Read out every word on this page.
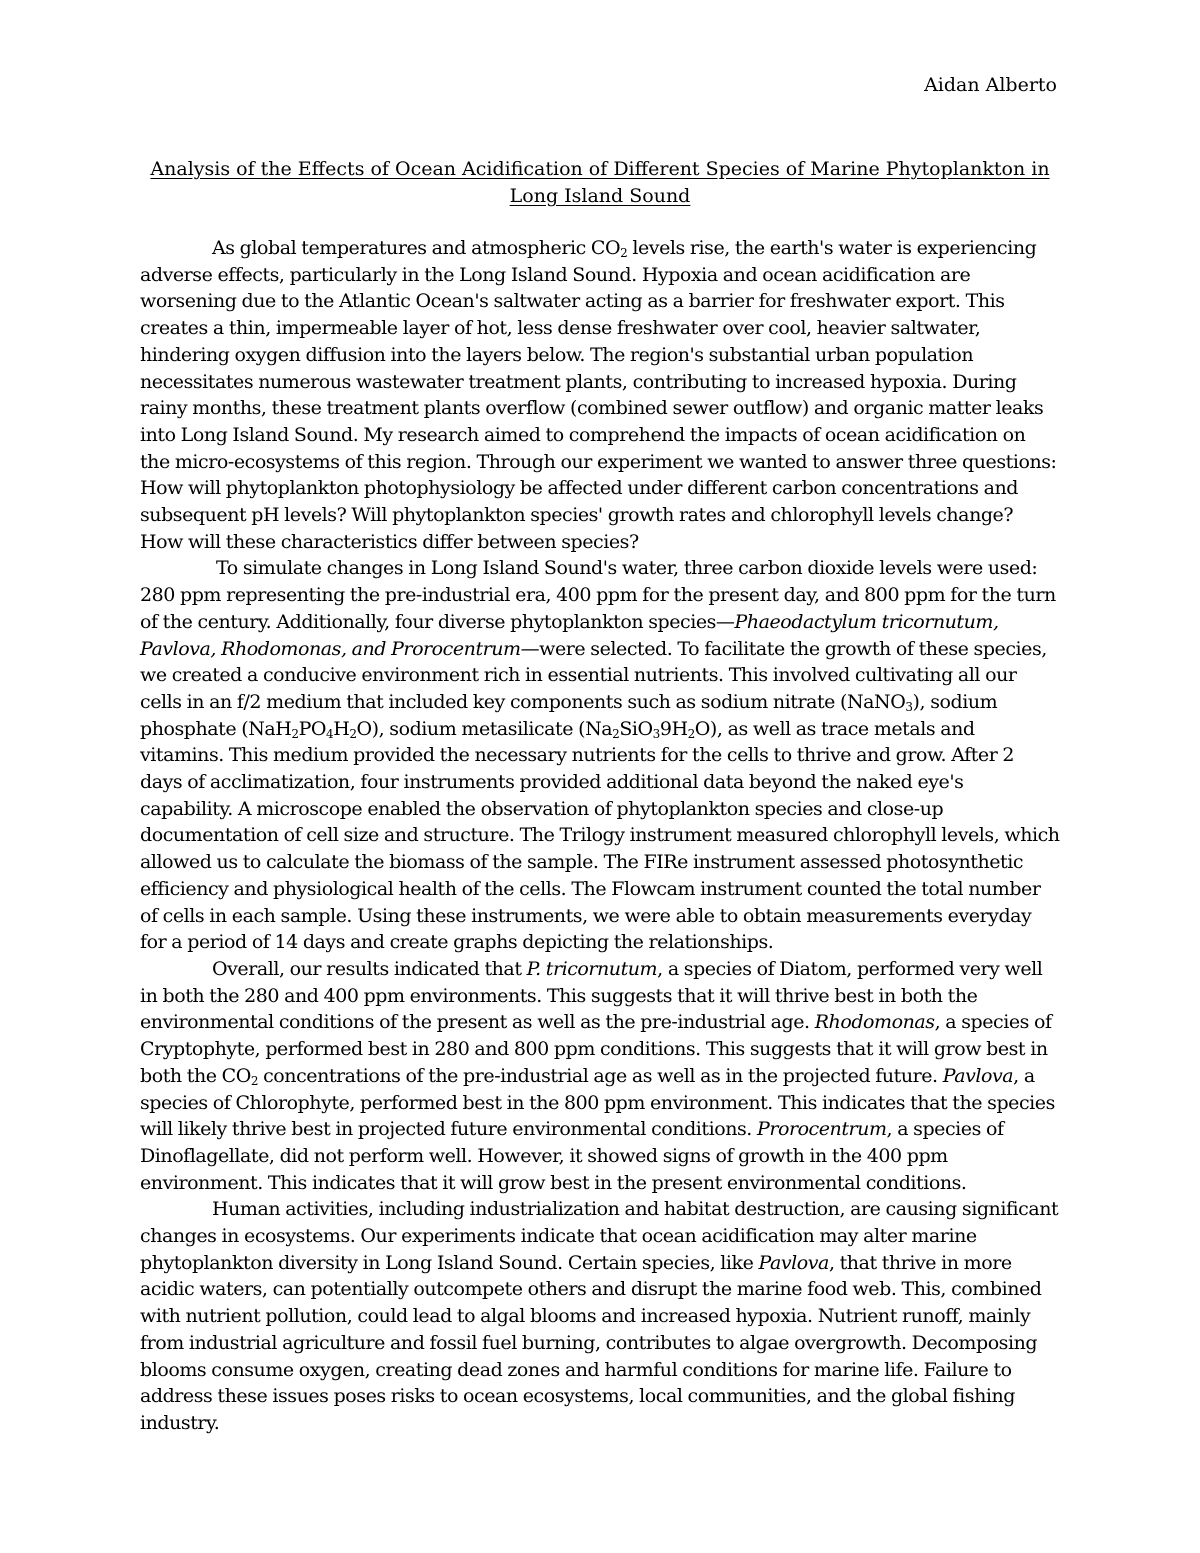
Aidan Alberto
Analysis of the Effects of Ocean Acidification of Different Species of Marine Phytoplankton in Long Island Sound

As global temperatures and atmospheric $CO_2$ levels rise, the earth's water is experiencing adverse effects, particularly in the Long Island Sound. Hypoxia and ocean acidification are worsening due to the Atlantic Ocean's saltwater acting as a barrier for freshwater export. This creates a thin, impermeable layer of hot, less dense freshwater over cool, heavier saltwater, hindering oxygen diffusion into the layers below. The region's substantial urban population necessitates numerous wastewater treatment plants, contributing to increased hypoxia. During rainy months, these treatment plants overflow (combined sewer outflow) and organic matter leaks into Long Island Sound. My research aimed to comprehend the impacts of ocean acidification on the micro-ecosystems of this region. Through our experiment we wanted to answer three questions: How will phytoplankton photophysiology be affected under different carbon concentrations and subsequent pH levels? Will phytoplankton species' growth rates and chlorophyll levels change? How will these characteristics differ between species?

To simulate changes in Long Island Sound's water, three carbon dioxide levels were used: 280 ppm representing the pre-industrial era, 400 ppm for the present day, and 800 ppm for the turn of the century. Additionally, four diverse phytoplankton species—Phaeodactylum tricornutum, Pavlova, Rhodomonas, and Prorocentrum—were selected. To facilitate the growth of these species, we created a conducive environment rich in essential nutrients. This involved cultivating all our cells in an f/2 medium that included key components such as sodium nitrate (NaNO$_3$), sodium phosphate $(NaH_2PO_4H_2O)$, sodium metasilicate $(Na_2SiO_39H_2O)$, as well as trace metals and vitamins. This medium provided the necessary nutrients for the cells to thrive and grow. After 2 days of acclimatization, four instruments provided additional data beyond the naked eye's capability. A microscope enabled the observation of phytoplankton species and close-up documentation of cell size and structure. The Trilogy instrument measured chlorophyll levels, which allowed us to calculate the biomass of the sample. The FIRe instrument assessed photosynthetic efficiency and physiological health of the cells. The Flowcam instrument counted the total number of cells in each sample. Using these instruments, we were able to obtain measurements everyday for a period of 14 days and create graphs depicting the relationships.

Overall, our results indicated that P. tricornutum, a species of Diatom, performed very well in both the 280 and 400 ppm environments. This suggests that it will thrive best in both the environmental conditions of the present as well as the pre-industrial age. Rhodomonas, a species of Cryptophyte, performed best in 280 and 800 ppm conditions. This suggests that it will grow best in both the $CO_2$ concentrations of the pre-industrial age as well as in the projected future. Pavlova, a species of Chlorophyte, performed best in the 800 ppm environment. This indicates that the species will likely thrive best in projected future environmental conditions. Prorocentrum, a species of Dinoflagellate, did not perform well. However, it showed signs of growth in the 400 ppm environment. This indicates that it will grow best in the present environmental conditions.

Human activities, including industrialization and habitat destruction, are causing significant changes in ecosystems. Our experiments indicate that ocean acidification may alter marine phytoplankton diversity in Long Island Sound. Certain species, like Pavlova, that thrive in more acidic waters, can potentially outcompete others and disrupt the marine food web. This, combined with nutrient pollution, could lead to algal blooms and increased hypoxia. Nutrient runoff, mainly from industrial agriculture and fossil fuel burning, contributes to algae overgrowth. Decomposing blooms consume oxygen, creating dead zones and harmful conditions for marine life. Failure to address these issues poses risks to ocean ecosystems, local communities, and the global fishing industry.
